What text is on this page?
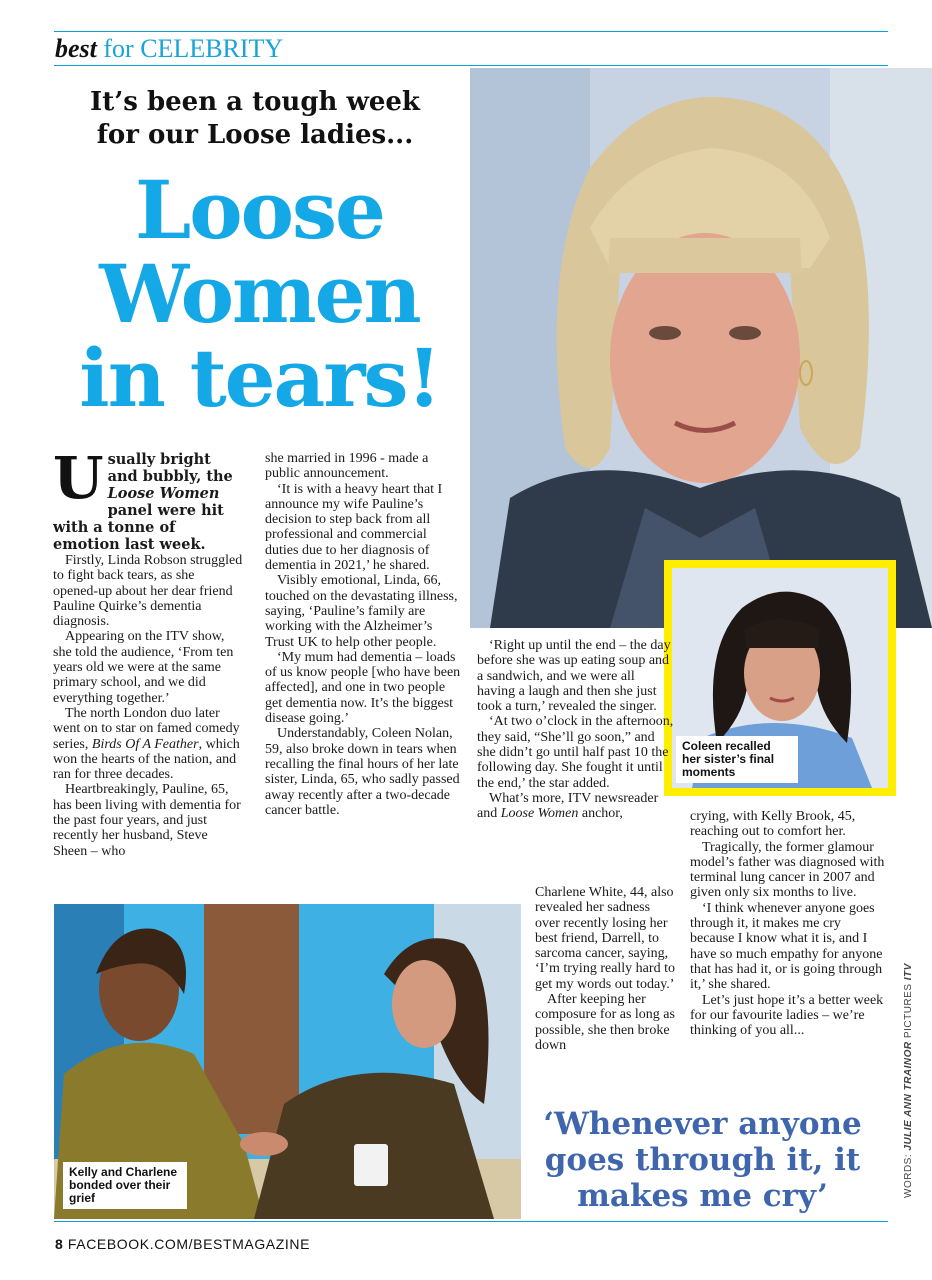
best for CELEBRITY
It’s been a tough week
for our Loose ladies...
Loose
Women
in tears!
Coleen recalled her sister’s final moments
Usually bright and bubbly, the Loose Women panel were hit with a tonne of emotion last week.

Firstly, Linda Robson struggled to fight back tears, as she opened-up about her dear friend Pauline Quirke’s dementia diagnosis.

Appearing on the ITV show, she told the audience, ‘From ten years old we were at the same primary school, and we did everything together.’

The north London duo later went on to star on famed comedy series, Birds Of A Feather, which won the hearts of the nation, and ran for three decades.

Heartbreakingly, Pauline, 65, has been living with dementia for the past four years, and just recently her husband, Steve Sheen – who

she married in 1996 - made a public announcement.

‘It is with a heavy heart that I announce my wife Pauline’s decision to step back from all professional and commercial duties due to her diagnosis of dementia in 2021,’ he shared.

Visibly emotional, Linda, 66, touched on the devastating illness, saying, ‘Pauline’s family are working with the Alzheimer’s Trust UK to help other people.

‘My mum had dementia – loads of us know people [who have been affected], and one in two people get dementia now. It’s the biggest disease going.’

Understandably, Coleen Nolan, 59, also broke down in tears when recalling the final hours of her late sister, Linda, 65, who sadly passed away recently after a two-decade cancer battle.

‘Right up until the end – the day before she was up eating soup and a sandwich, and we were all having a laugh and then she just took a turn,’ revealed the singer.

‘At two o’clock in the afternoon, they said, “She’ll go soon,” and she didn’t go until half past 10 the following day. She fought it until the end,’ the star added.

What’s more, ITV newsreader and Loose Women anchor,

Charlene White, 44, also revealed her sadness over recently losing her best friend, Darrell, to sarcoma cancer, saying, ‘I’m trying really hard to get my words out today.’

After keeping her composure for as long as possible, she then broke down

crying, with Kelly Brook, 45, reaching out to comfort her.

Tragically, the former glamour model’s father was diagnosed with terminal lung cancer in 2007 and given only six months to live.

‘I think whenever anyone goes through it, it makes me cry because I know what it is, and I have so much empathy for anyone that has had it, or is going through it,’ she shared.

Let’s just hope it’s a better week for our favourite ladies – we’re thinking of you all...

Kelly and Charlene bonded over their grief
‘Whenever anyone goes through it, it makes me cry’	WORDS: JULIE ANN TRAINOR PICTURES ITV
8 FACEBOOK.COM/BESTMAGAZINE
